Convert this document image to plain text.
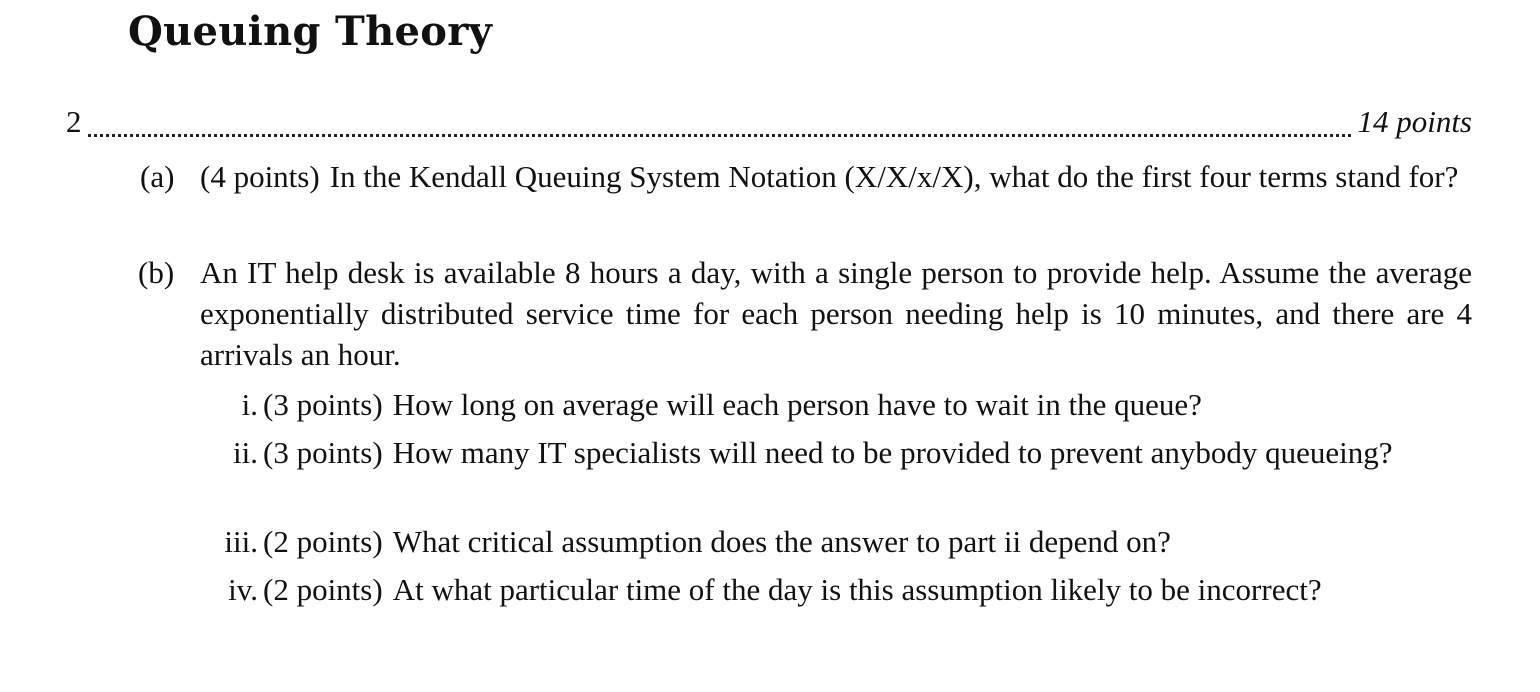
Queuing Theory
2	14 points
(a) (4 points) In the Kendall Queuing System Notation (X/X/x/X), what do the first four terms stand for?
(b) An IT help desk is available 8 hours a day, with a single person to provide help. Assume the average exponentially distributed service time for each person needing help is 10 minutes, and there are 4 arrivals an hour.
i. (3 points) How long on average will each person have to wait in the queue?
ii. (3 points) How many IT specialists will need to be provided to prevent anybody queueing?
iii. (2 points) What critical assumption does the answer to part ii depend on?
iv. (2 points) At what particular time of the day is this assumption likely to be incorrect?
